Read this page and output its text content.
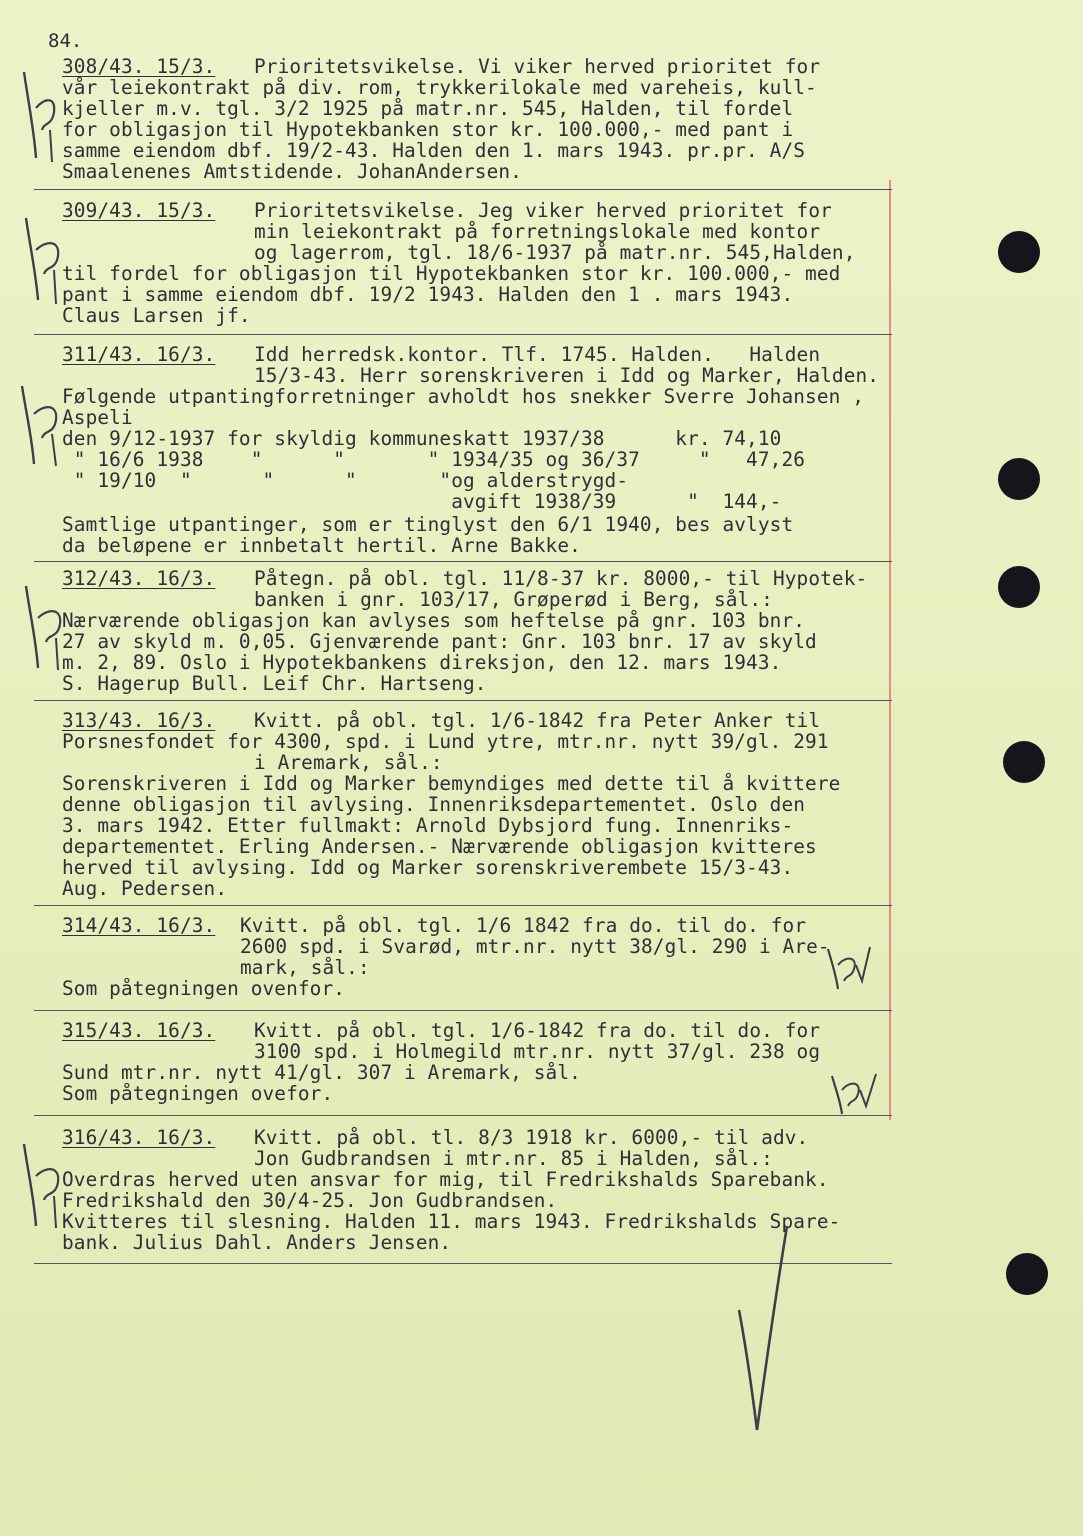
84.
308/43. 15/3. Prioritetsvikelse. Vi viker herved prioritet for
vår leiekontrakt på div. rom, trykkerilokale med vareheis, kull-
kjeller m.v. tgl. 3/2 1925 på matr.nr. 545, Halden, til fordel
for obligasjon til Hypotekbanken stor kr. 100.000,- med pant i
samme eiendom dbf. 19/2-43. Halden den 1. mars 1943. pr.pr. A/S
Smaalenenes Amtstidende. JohanAndersen.
309/43. 15/3. Prioritetsvikelse. Jeg viker herved prioritet for
min leiekontrakt på forretningslokale med kontor
og lagerrom, tgl. 18/6-1937 på matr.nr. 545,Halden,
til fordel for obligasjon til Hypotekbanken stor kr. 100.000,- med
pant i samme eiendom dbf. 19/2 1943. Halden den 1 . mars 1943.
Claus Larsen jf.
311/43. 16/3. Idd herredsk.kontor. Tlf. 1745. Halden.   Halden
15/3-43. Herr sorenskriveren i Idd og Marker, Halden.
Følgende utpantingforretninger avholdt hos snekker Sverre Johansen ,
Aspeli
den 9/12-1937 for skyldig kommuneskatt 1937/38      kr. 74,10
" 16/6 1938    "      "       " 1934/35 og 36/37     "   47,26
" 19/10  "      "      "       "og alderstrygd-
avgift 1938/39      "  144,-
Samtlige utpantinger, som er tinglyst den 6/1 1940, bes avlyst
da beløpene er innbetalt hertil. Arne Bakke.
312/43. 16/3. Påtegn. på obl. tgl. 11/8-37 kr. 8000,- til Hypotek-
banken i gnr. 103/17, Grøperød i Berg, sål.:
Nærværende obligasjon kan avlyses som heftelse på gnr. 103 bnr.
27 av skyld m. 0,05. Gjenværende pant: Gnr. 103 bnr. 17 av skyld
m. 2, 89. Oslo i Hypotekbankens direksjon, den 12. mars 1943.
S. Hagerup Bull. Leif Chr. Hartseng.
313/43. 16/3. Kvitt. på obl. tgl. 1/6-1842 fra Peter Anker til
Porsnesfondet for 4300, spd. i Lund ytre, mtr.nr. nytt 39/gl. 291
i Aremark, sål.:
Sorenskriveren i Idd og Marker bemyndiges med dette til å kvittere
denne obligasjon til avlysing. Innenriksdepartementet. Oslo den
3. mars 1942. Etter fullmakt: Arnold Dybsjord fung. Innenriks-
departementet. Erling Andersen.- Nærværende obligasjon kvitteres
herved til avlysing. Idd og Marker sorenskriverembete 15/3-43.
Aug. Pedersen.
314/43. 16/3. Kvitt. på obl. tgl. 1/6 1842 fra do. til do. for
2600 spd. i Svarød, mtr.nr. nytt 38/gl. 290 i Are-
mark, sål.:
Som påtegningen ovenfor.
315/43. 16/3. Kvitt. på obl. tgl. 1/6-1842 fra do. til do. for
3100 spd. i Holmegild mtr.nr. nytt 37/gl. 238 og
Sund mtr.nr. nytt 41/gl. 307 i Aremark, sål.
Som påtegningen ovefor.
316/43. 16/3. Kvitt. på obl. tl. 8/3 1918 kr. 6000,- til adv.
Jon Gudbrandsen i mtr.nr. 85 i Halden, sål.:
Overdras herved uten ansvar for mig, til Fredrikshalds Sparebank.
Fredrikshald den 30/4-25. Jon Gudbrandsen.
Kvitteres til slesning. Halden 11. mars 1943. Fredrikshalds Spare-
bank. Julius Dahl. Anders Jensen.
